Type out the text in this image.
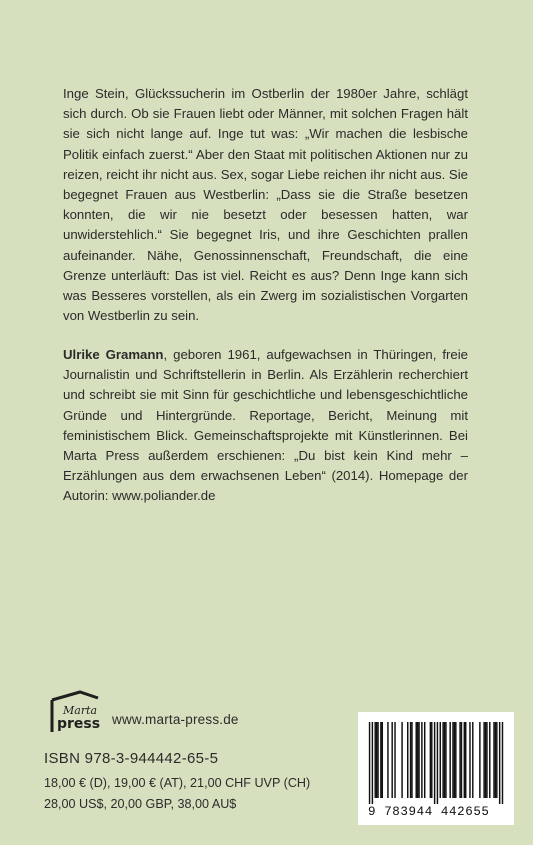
Inge Stein, Glückssucherin im Ostberlin der 1980er Jahre, schlägt sich durch. Ob sie Frauen liebt oder Männer, mit solchen Fragen hält sie sich nicht lange auf. Inge tut was: „Wir machen die lesbische Politik einfach zuerst.“ Aber den Staat mit politischen Aktionen nur zu reizen, reicht ihr nicht aus. Sex, sogar Liebe reichen ihr nicht aus. Sie begegnet Frauen aus Westberlin: „Dass sie die Straße besetzen konnten, die wir nie besetzt oder besessen hatten, war unwiderstehlich.“ Sie begegnet Iris, und ihre Geschichten prallen aufeinander. Nähe, Genossinnenschaft, Freundschaft, die eine Grenze unterläuft: Das ist viel. Reicht es aus? Denn Inge kann sich was Besseres vorstellen, als ein Zwerg im sozialistischen Vorgarten von Westberlin zu sein.

Ulrike Gramann, geboren 1961, aufgewachsen in Thüringen, freie Journalistin und Schriftstellerin in Berlin. Als Erzählerin recherchiert und schreibt sie mit Sinn für geschichtliche und lebensgeschichtliche Gründe und Hintergründe. Reportage, Bericht, Meinung mit feministischem Blick. Gemeinschaftsprojekte mit Künstlerinnen. Bei Marta Press außerdem erschienen: „Du bist kein Kind mehr – Erzählungen aus dem erwachsenen Leben“ (2014). Homepage der Autorin: www.poliander.de

Marta
press www.marta-press.de
ISBN 978-3-944442-65-5
18,00 € (D), 19,00 € (AT), 21,00 CHF UVP (CH)
28,00 US$, 20,00 GBP, 38,00 AU$
9 783944 442655
